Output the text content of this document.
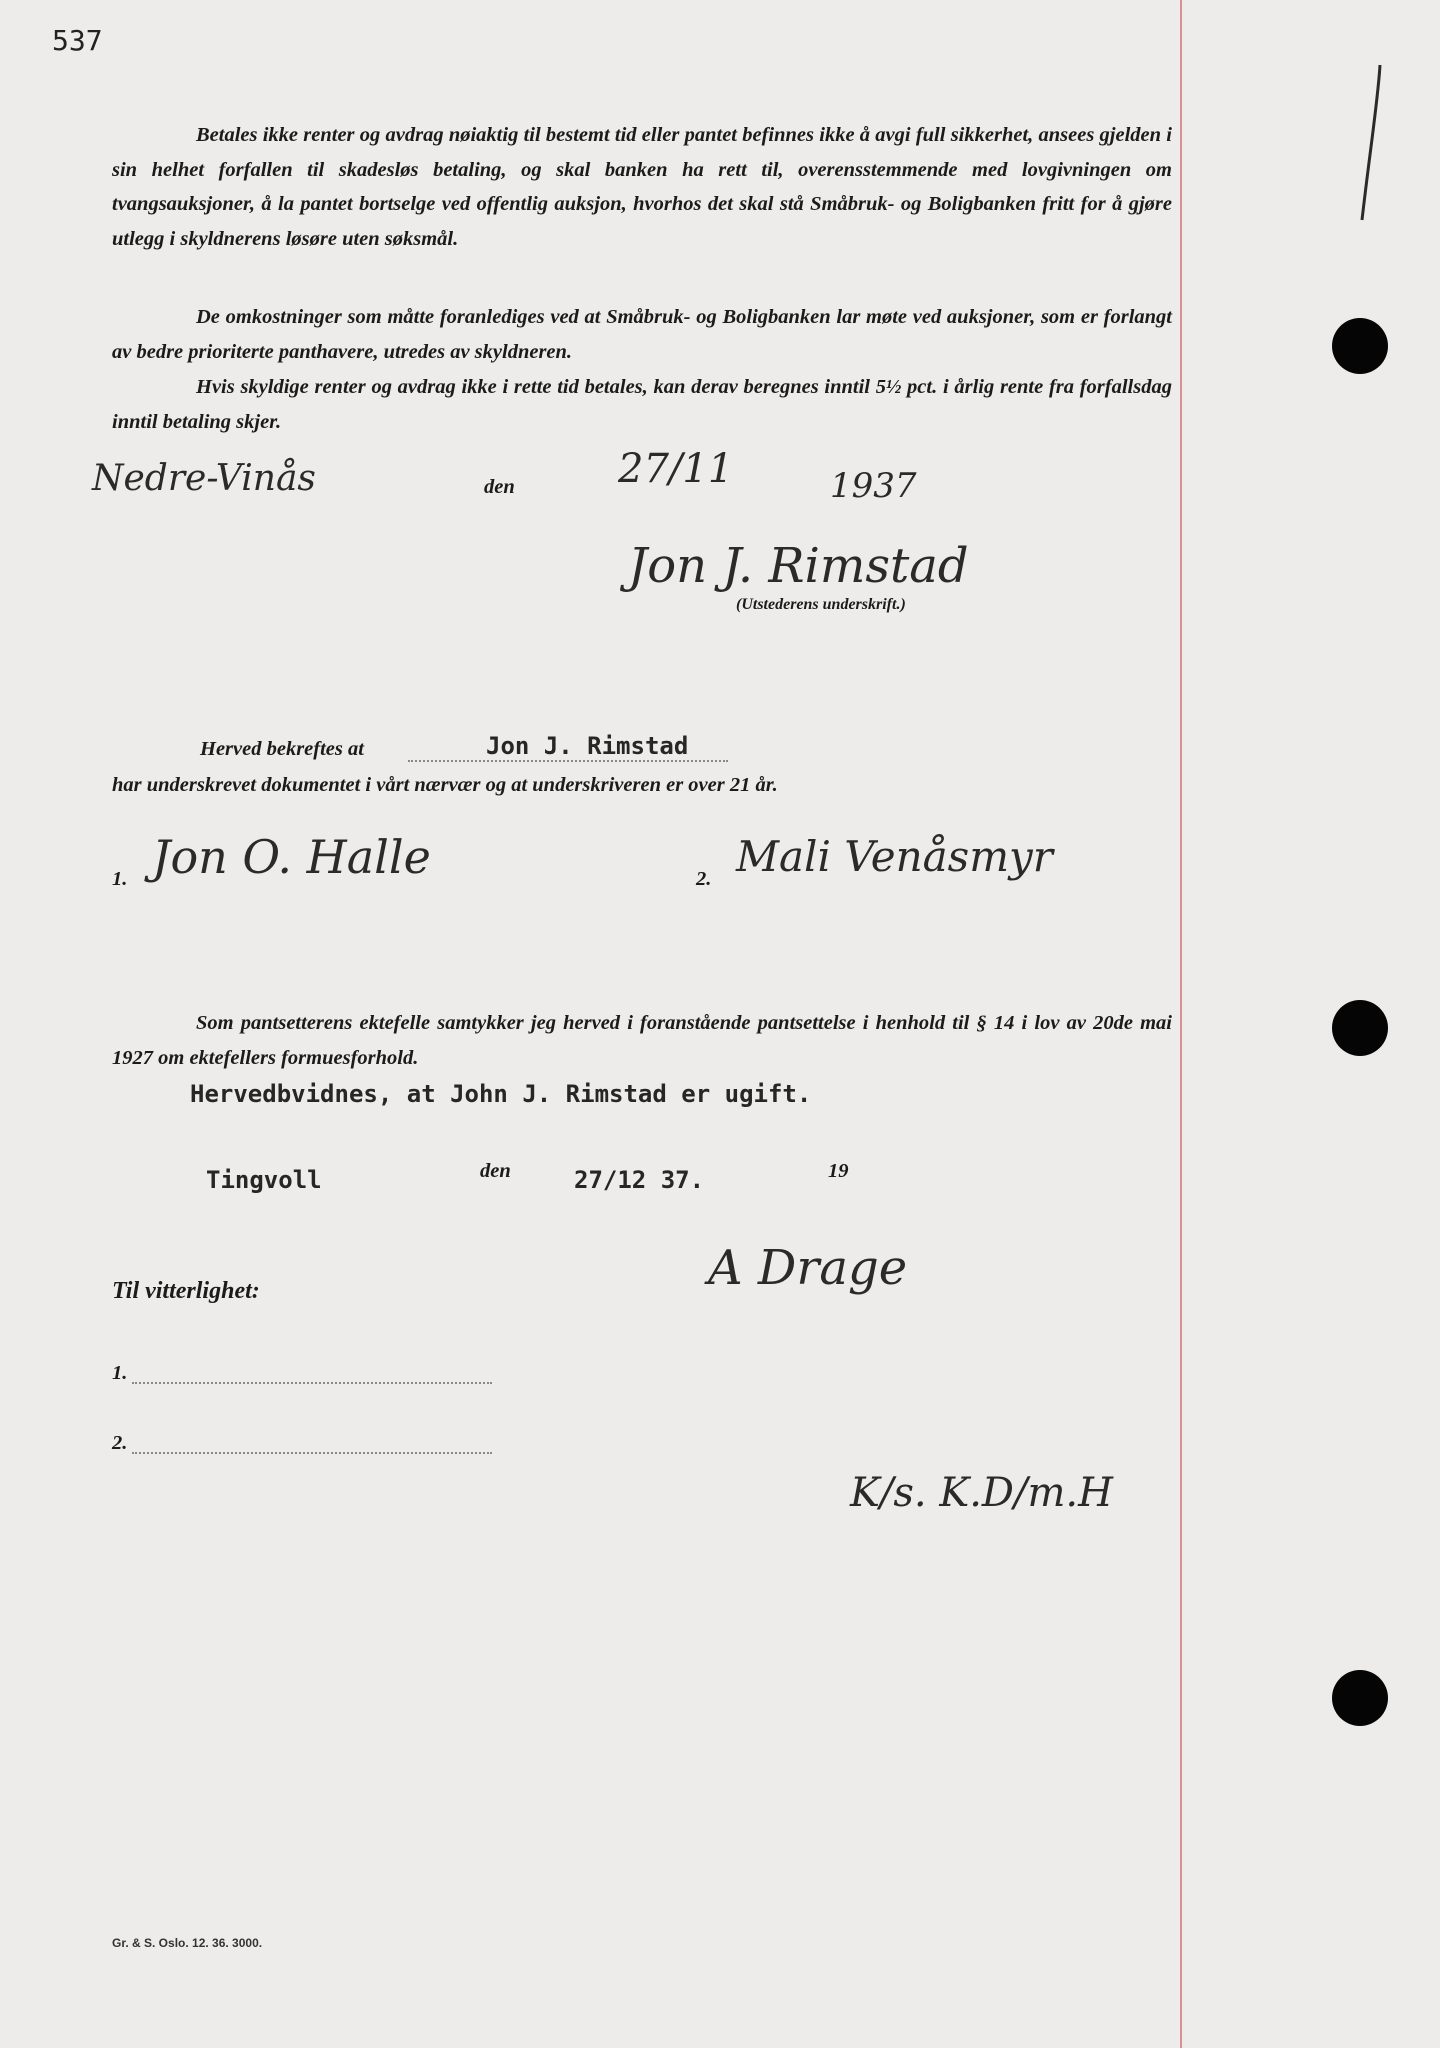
537
Betales ikke renter og avdrag nøiaktig til bestemt tid eller pantet befinnes ikke å avgi full sikkerhet, ansees gjelden i sin helhet forfallen til skadesløs betaling, og skal banken ha rett til, overensstemmende med lovgivningen om tvangsauksjoner, å la pantet bortselge ved offentlig auksjon, hvorhos det skal stå Småbruk- og Boligbanken fritt for å gjøre utlegg i skyldnerens løsøre uten søksmål.
De omkostninger som måtte foranlediges ved at Småbruk- og Boligbanken lar møte ved auksjoner, som er forlangt av bedre prioriterte panthavere, utredes av skyldneren.
Hvis skyldige renter og avdrag ikke i rette tid betales, kan derav beregnes inntil 5½ pct. i årlig rente fra forfallsdag inntil betaling skjer.
Nedre-Vinås	den	27/11	1937
Jon J. Rimstad
(Utstederens underskrift.)
Herved bekreftes at	Jon J. Rimstad
har underskrevet dokumentet i vårt nærvær og at underskriveren er over 21 år.
1. Jon O. Halle	2. Mali Venåsmyr
Som pantsetterens ektefelle samtykker jeg herved i foranstående pantsettelse i henhold til § 14 i lov av 20de mai 1927 om ektefellers formuesforhold.
Hervedbvidnes, at John J. Rimstad er ugift.
Tingvoll	den	27/12 37.	19
A Drage
Til vitterlighet:
1.
2.
K/s. K.D/m.H
Gr. & S. Oslo. 12. 36. 3000.
